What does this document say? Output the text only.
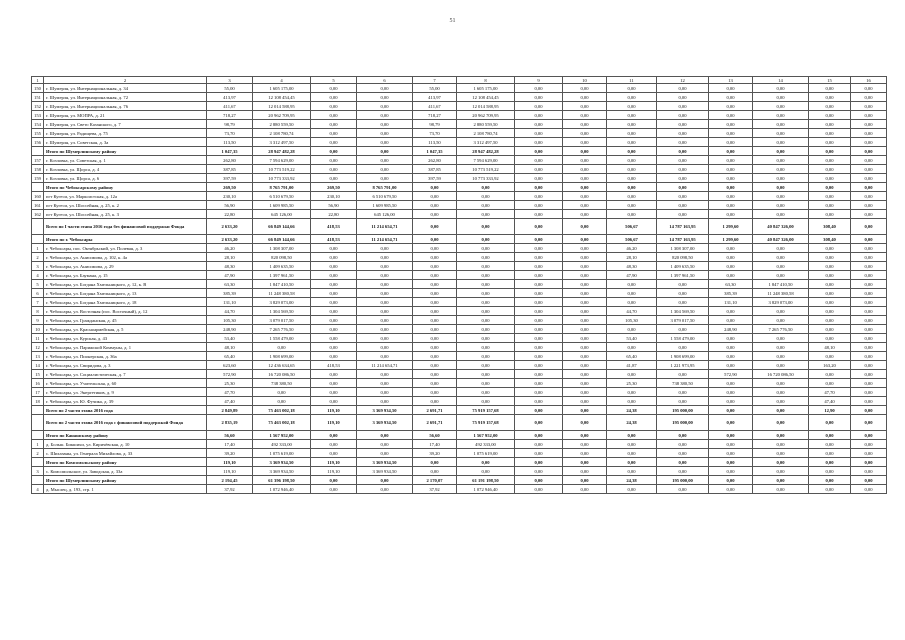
51
1	2	3	4	5	6	7	8	9	10	11	12	13	14	15	16
150	г. Шумерля, ул. Интернациональная, д. 34	55,00	1 605 175,00	0,00	0,00	55,00	1 605 175,00	0,00	0,00	0,00	0,00	0,00	0,00	0,00	0,00
151	г. Шумерля, ул. Интернациональная, д. 72	413,97	12 108 454,45	0,00	0,00	413,97	12 108 454,45	0,00	0,00	0,00	0,00	0,00	0,00	0,00	0,00
152	г. Шумерля, ул. Интернациональная, д. 76	411,67	12 014 588,95	0,00	0,00	411,67	12 014 588,95	0,00	0,00	0,00	0,00	0,00	0,00	0,00	0,00
153	г. Шумерля, ул. МОПРА, д. 21	718,27	20 962 709,95	0,00	0,00	718,27	20 962 709,95	0,00	0,00	0,00	0,00	0,00	0,00	0,00	0,00
154	г. Шумерля, ул. Свето Казанского, д. 7	98,79	2 880 559,50	0,00	0,00	98,79	2 880 559,50	0,00	0,00	0,00	0,00	0,00	0,00	0,00	0,00
155	г. Шумерля, ул. Радищева, д. 75	73,70	2 108 780,74	0,00	0,00	73,70	2 108 780,74	0,00	0,00	0,00	0,00	0,00	0,00	0,00	0,00
156	г. Шумерля, ул. Советская, д. 3а	113,50	3 312 497,50	0,00	0,00	113,50	3 312 497,50	0,00	0,00	0,00	0,00	0,00	0,00	0,00	0,00
	Итого по Шумерлинскому району	1 047,35	28 947 482,28	0,00	0,00	1 047,35	28 947 482,28	0,00	0,00	0,00	0,00	0,00	0,00	0,00	0,00
157	г. Козловка, ул. Советская, д. 1	262,80	7 594 629,00	0,00	0,00	262,80	7 594 629,00	0,00	0,00	0,00	0,00	0,00	0,00	0,00	0,00
158	г. Козловка, ул. Щорса, д. 4	387,85	10 773 519,22	0,00	0,00	387,85	10 773 519,22	0,00	0,00	0,00	0,00	0,00	0,00	0,00	0,00
159	г. Козловка, ул. Щорса, д. 6	397,59	10 773 333,92	0,00	0,00	397,59	10 773 333,92	0,00	0,00	0,00	0,00	0,00	0,00	0,00	0,00
	Итого по Чебоксарскому району	269,50	8 765 791,00	269,50	8 765 791,00	0,00	0,00	0,00	0,00	0,00	0,00	0,00	0,00	0,00	0,00
160	пгт Кугеси, ул. Марксистская, д. 12а	230,10	6 510 679,50	230,10	6 510 679,50	0,00	0,00	0,00	0,00	0,00	0,00	0,00	0,00	0,00	0,00
161	пгт Кугеси, ул. Шоссейная, д. 25, к. 2	56,90	1 609 985,50	56,90	1 609 985,50	0,00	0,00	0,00	0,00	0,00	0,00	0,00	0,00	0,00	0,00
162	пгт Кугеси, ул. Шоссейная, д. 25, к. 3	22,80	645 126,00	22,80	645 126,00	0,00	0,00	0,00	0,00	0,00	0,00	0,00	0,00	0,00	0,00
	Всего по I части этапа 2016 года без финансовой поддержки Фонда	2 633,20	66 849 144,66	418,53	11 214 654,71	0,00	0,00	0,00	0,00	506,67	14 787 163,95	1 299,60	40 847 326,00	308,40	0,00
	Итого по г. Чебоксары	2 633,20	66 849 144,66	418,53	11 214 654,71	0,00	0,00	0,00	0,00	506,67	14 787 163,95	1 299,60	40 847 326,00	308,40	0,00
1	г. Чебоксары, пос. Октябрьский, ул. Полевая, д. 3	46,20	1 308 307,00	0,00	0,00	0,00	0,00	0,00	0,00	46,20	1 308 307,00	0,00	0,00	0,00	0,00
2	г. Чебоксары, ул. Анисимова, д. 102, к. 4а	28,10	820 098,50	0,00	0,00	0,00	0,00	0,00	0,00	28,10	820 098,50	0,00	0,00	0,00	0,00
3	г. Чебоксары, ул. Анисимова, д. 29	48,30	1 409 635,50	0,00	0,00	0,00	0,00	0,00	0,00	48,30	1 409 635,50	0,00	0,00	0,00	0,00
4	г. Чебоксары, ул. Баумана, д. 15	47,90	1 397 961,50	0,00	0,00	0,00	0,00	0,00	0,00	47,90	1 397 961,50	0,00	0,00	0,00	0,00
5	г. Чебоксары, ул. Богдана Хмельницкого, д. 12, к. В	63,30	1 847 410,50	0,00	0,00	0,00	0,00	0,00	0,00	0,00	0,00	63,30	1 847 410,50	0,00	0,00
6	г. Чебоксары, ул. Богдана Хмельницкого, д. 13	385,39	11 248 380,58	0,00	0,00	0,00	0,00	0,00	0,00	0,00	0,00	385,39	11 248 380,58	0,00	0,00
7	г. Чебоксары, ул. Богдана Хмельницкого, д. 18	131,10	3 829 073,00	0,00	0,00	0,00	0,00	0,00	0,00	0,00	0,00	131,10	3 829 073,00	0,00	0,00
8	г. Чебоксары, ул. Восточная (пос. Восточный), д. 12	44,70	1 304 569,50	0,00	0,00	0,00	0,00	0,00	0,00	44,70	1 304 569,50	0,00	0,00	0,00	0,00
9	г. Чебоксары, ул. Гражданская, д. 45	105,30	3 079 017,50	0,00	0,00	0,00	0,00	0,00	0,00	105,30	3 079 017,50	0,00	0,00	0,00	0,00
10	г. Чебоксары, ул. Красноармейская, д. 5	248,90	7 265 776,50	0,00	0,00	0,00	0,00	0,00	0,00	0,00	0,00	248,90	7 265 776,50	0,00	0,00
11	г. Чебоксары, ул. Курская, д. 43	53,40	1 558 479,00	0,00	0,00	0,00	0,00	0,00	0,00	53,40	1 558 479,00	0,00	0,00	0,00	0,00
12	г. Чебоксары, ул. Парижской Коммуны, д. 1	48,10	0,00	0,00	0,00	0,00	0,00	0,00	0,00	0,00	0,00	0,00	0,00	48,10	0,00
13	г. Чебоксары, ул. Пионерская, д. 36а	65,40	1 908 699,00	0,00	0,00	0,00	0,00	0,00	0,00	65,40	1 908 699,00	0,00	0,00	0,00	0,00
14	г. Чебоксары, ул. Свиридова, д. 3	623,60	12 436 634,65	418,53	11 214 654,71	0,00	0,00	0,00	0,00	41,87	1 221 973,95	0,00	0,00	163,20	0,00
15	г. Чебоксары, ул. Социалистическая, д. 7	572,90	16 720 086,50	0,00	0,00	0,00	0,00	0,00	0,00	0,00	0,00	572,90	16 720 086,50	0,00	0,00
16	г. Чебоксары, ул. Учительская, д. 60	25,30	738 380,50	0,00	0,00	0,00	0,00	0,00	0,00	25,30	738 380,50	0,00	0,00	0,00	0,00
17	г. Чебоксары, ул. Энергетиков, д. 9	47,70	0,00	0,00	0,00	0,00	0,00	0,00	0,00	0,00	0,00	0,00	0,00	47,70	0,00
18	г. Чебоксары, ул. Ю. Фучика, д. 39	47,40	0,00	0,00	0,00	0,00	0,00	0,00	0,00	0,00	0,00	0,00	0,00	47,40	0,00
	Всего по 2 части этапа 2016 года	2 849,89	75 463 002,18	119,10	3 369 934,50	2 691,71	75 919 157,68	0,00	0,00	24,38	195 000,00	0,00	0,00	12,90	0,00
	Всего по 2 части этапа 2016 года с финансовой поддержкой Фонда	2 835,19	75 463 002,18	119,10	3 369 934,50	2 691,71	75 919 157,68	0,00	0,00	24,38	195 000,00	0,00	0,00	0,00	0,00
	Итого по Канашскому району	56,60	1 567 952,00	0,00	0,00	56,60	1 567 952,00	0,00	0,00	0,00	0,00	0,00	0,00	0,00	0,00
1	д. Больш. Бикшихи, ул. Киричёвская, д. 10	17,40	492 333,00	0,00	0,00	17,40	492 333,00	0,00	0,00	0,00	0,00	0,00	0,00	0,00	0,00
2	с. Шихазаны, ул. Генерала Михайлова, д. 33	39,20	1 075 619,00	0,00	0,00	39,20	1 075 619,00	0,00	0,00	0,00	0,00	0,00	0,00	0,00	0,00
	Итого по Комсомольскому району	119,10	3 369 934,50	119,10	3 369 934,50	0,00	0,00	0,00	0,00	0,00	0,00	0,00	0,00	0,00	0,00
3	с. Комсомольское, ул. Заводская, д. 33а	119,10	3 369 934,50	119,10	3 369 934,50	0,00	0,00	0,00	0,00	0,00	0,00	0,00	0,00	0,00	0,00
	Итого по Шумерлинскому району	2 194,45	61 396 198,50	0,00	0,00	2 170,07	61 191 198,50	0,00	0,00	24,38	195 000,00	0,00	0,00	0,00	0,00
4	д. Мыслец, д. 193, стр. 1	37,92	1 072 946,40	0,00	0,00	37,92	1 072 946,40	0,00	0,00	0,00	0,00	0,00	0,00	0,00	0,00
